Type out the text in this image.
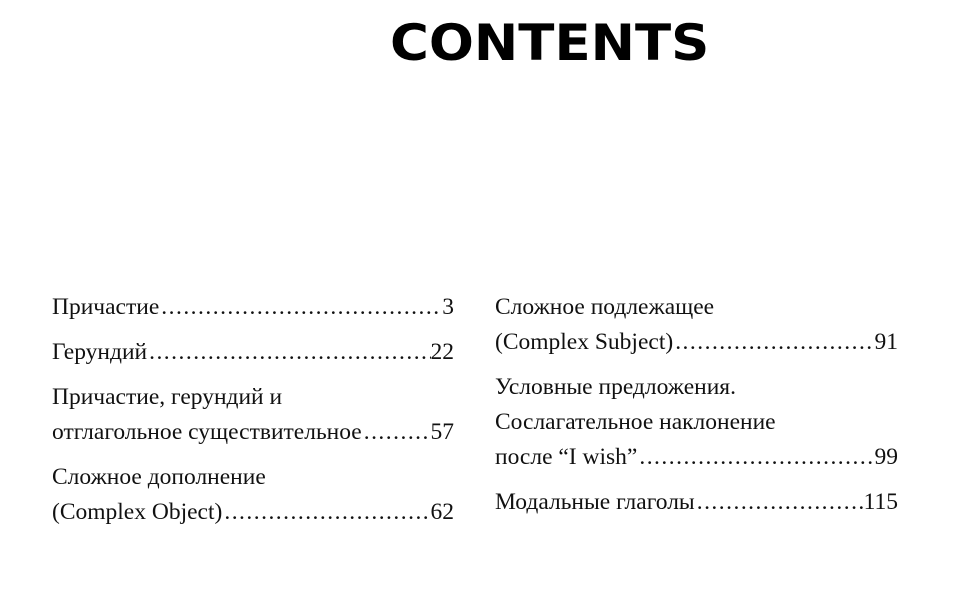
CONTENTS
Причастие . . .	3
Герундий . . .	22
Причастие, герундий и
отглагольное существительное . . .	57
Сложное дополнение
(Complex Object) . . .	62
Сложное подлежащее
(Complex Subject) . . .	91
Условные предложения.
Сослагательное наклонение
после “I wish” . . .	99
Модальные глаголы . . .	115
